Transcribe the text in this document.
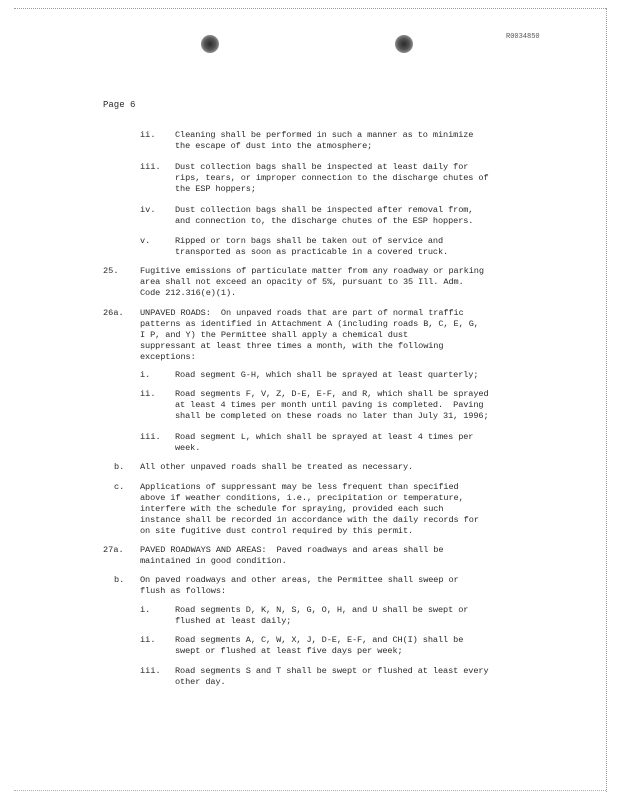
R0034850
Page 6
ii. Cleaning shall be performed in such a manner as to minimize
the escape of dust into the atmosphere;
iii. Dust collection bags shall be inspected at least daily for
rips, tears, or improper connection to the discharge chutes of
the ESP hoppers;
iv. Dust collection bags shall be inspected after removal from,
and connection to, the discharge chutes of the ESP hoppers.
v.	Ripped or torn bags shall be taken out of service and
transported as soon as practicable in a covered truck.
25.	Fugitive emissions of particulate matter from any roadway or parking
area shall not exceed an opacity of 5%, pursuant to 35 Ill. Adm.
Code 212.316(e)(1).
26a. UNPAVED ROADS:  On unpaved roads that are part of normal traffic
patterns as identified in Attachment A (including roads B, C, E, G,
I P, and Y) the Permittee shall apply a chemical dust
suppressant at least three times a month, with the following
exceptions:
i.	Road segment G-H, which shall be sprayed at least quarterly;
ii. Road segments F, V, Z, D-E, E-F, and R, which shall be sprayed
at least 4 times per month until paving is completed.  Paving
shall be completed on these roads no later than July 31, 1996;
iii. Road segment L, which shall be sprayed at least 4 times per
week.
b. All other unpaved roads shall be treated as necessary.
c. Applications of suppressant may be less frequent than specified
above if weather conditions, i.e., precipitation or temperature,
interfere with the schedule for spraying, provided each such
instance shall be recorded in accordance with the daily records for
on site fugitive dust control required by this permit.
27a. PAVED ROADWAYS AND AREAS:  Paved roadways and areas shall be
maintained in good condition.
b. On paved roadways and other areas, the Permittee shall sweep or
flush as follows:
i.	Road segments D, K, N, S, G, O, H, and U shall be swept or
flushed at least daily;
ii. Road segments A, C, W, X, J, D-E, E-F, and CH(I) shall be
swept or flushed at least five days per week;
iii. Road segments S and T shall be swept or flushed at least every
other day.
